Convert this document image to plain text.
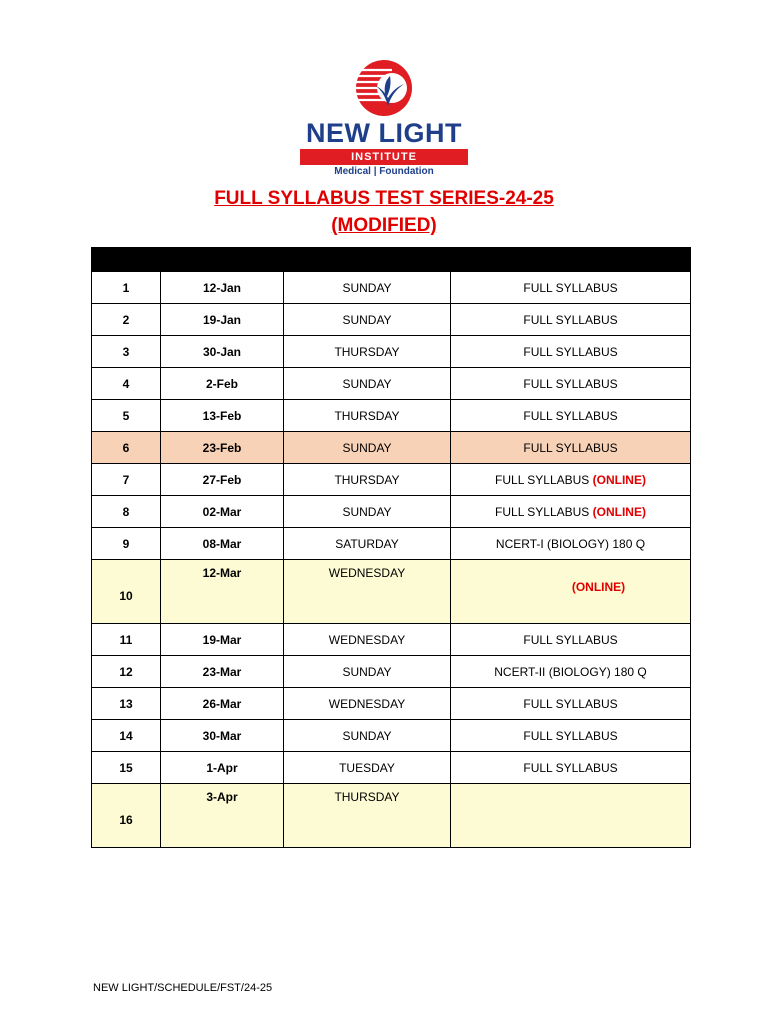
NEW LIGHT
INSTITUTE
Medical | Foundation
FULL SYLLABUS TEST SERIES-24-25
(MODIFIED)

1	12-Jan	SUNDAY	FULL SYLLABUS
2	19-Jan	SUNDAY	FULL SYLLABUS
3	30-Jan	THURSDAY	FULL SYLLABUS
4	2-Feb	SUNDAY	FULL SYLLABUS
5	13-Feb	THURSDAY	FULL SYLLABUS
6	23-Feb	SUNDAY	FULL SYLLABUS
7	27-Feb	THURSDAY	FULL SYLLABUS (ONLINE)
8	02-Mar	SUNDAY	FULL SYLLABUS (ONLINE)
9	08-Mar	SATURDAY	NCERT-I (BIOLOGY) 180 Q
10	12-Mar	WEDNESDAY	(ONLINE)
11	19-Mar	WEDNESDAY	FULL SYLLABUS
12	23-Mar	SUNDAY	NCERT-II (BIOLOGY) 180 Q
13	26-Mar	WEDNESDAY	FULL SYLLABUS
14	30-Mar	SUNDAY	FULL SYLLABUS
15	1-Apr	TUESDAY	FULL SYLLABUS
16	3-Apr	THURSDAY	
NEW LIGHT/SCHEDULE/FST/24-25
